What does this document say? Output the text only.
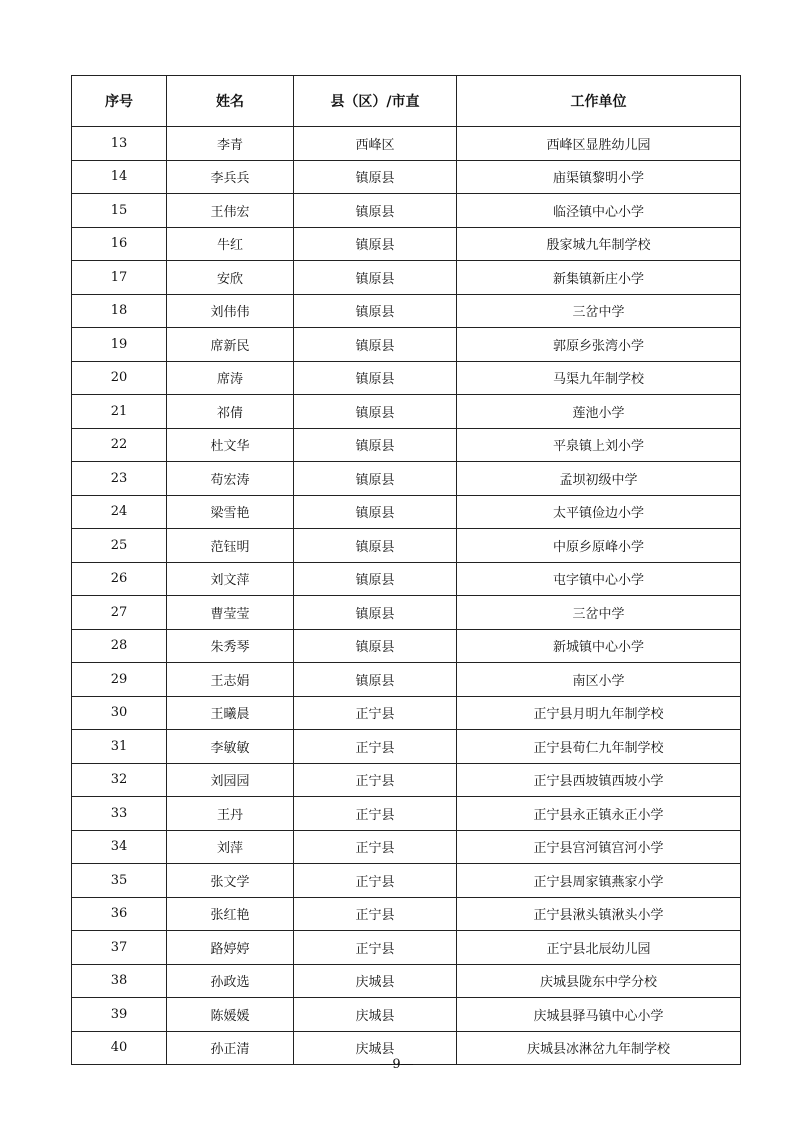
序号	姓名	县（区）/市直	工作单位
13	李青	西峰区	西峰区显胜幼儿园
14	李兵兵	镇原县	庙渠镇黎明小学
15	王伟宏	镇原县	临泾镇中心小学
16	牛红	镇原县	殷家城九年制学校
17	安欣	镇原县	新集镇新庄小学
18	刘伟伟	镇原县	三岔中学
19	席新民	镇原县	郭原乡张湾小学
20	席涛	镇原县	马渠九年制学校
21	祁倩	镇原县	莲池小学
22	杜文华	镇原县	平泉镇上刘小学
23	苟宏涛	镇原县	孟坝初级中学
24	梁雪艳	镇原县	太平镇俭边小学
25	范钰明	镇原县	中原乡原峰小学
26	刘文萍	镇原县	屯字镇中心小学
27	曹莹莹	镇原县	三岔中学
28	朱秀琴	镇原县	新城镇中心小学
29	王志娟	镇原县	南区小学
30	王曦晨	正宁县	正宁县月明九年制学校
31	李敏敏	正宁县	正宁县荀仁九年制学校
32	刘园园	正宁县	正宁县西坡镇西坡小学
33	王丹	正宁县	正宁县永正镇永正小学
34	刘萍	正宁县	正宁县宫河镇宫河小学
35	张文学	正宁县	正宁县周家镇燕家小学
36	张红艳	正宁县	正宁县湫头镇湫头小学
37	路婷婷	正宁县	正宁县北辰幼儿园
38	孙政选	庆城县	庆城县陇东中学分校
39	陈媛媛	庆城县	庆城县驿马镇中心小学
40	孙正清	庆城县	庆城县冰淋岔九年制学校
—9—
